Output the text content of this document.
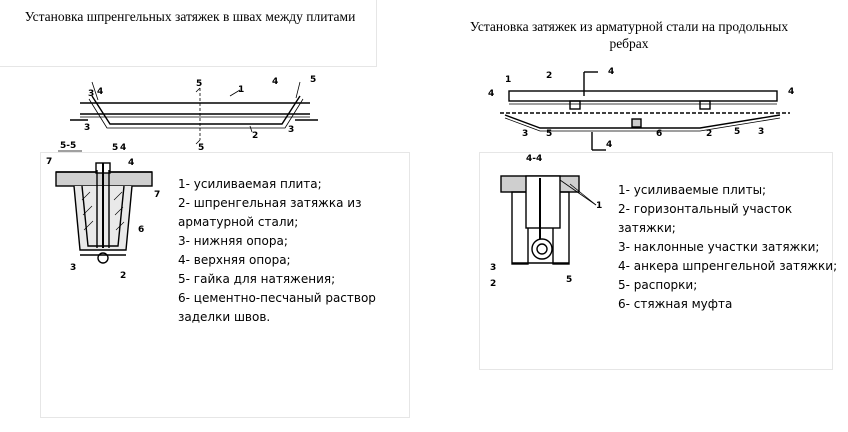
Установка шпренгельных затяжек в швах между плитами
Установка затяжек из арматурной стали на продольных ребрах
1- усиливаемая плита;
2- шпренгельная затяжка из арматурной стали;
3- нижняя опора;
4- верхняя опора;
5- гайка для натяжения;
6- цементно-песчаный раствор заделки швов.
1- усиливаемые плиты;
2- горизонтальный участок затяжки;
3- наклонные участки затяжки;
4- анкера шпренгельной затяжки;
5- распорки;
6- стяжная муфта
3 4
4	5
5
1
3
2
3
5
5-5	5 4
7	4
7
6
3
2
1	2	4
4	4
4
3 5	6	2 5 3
4-4
1
3
2	5
